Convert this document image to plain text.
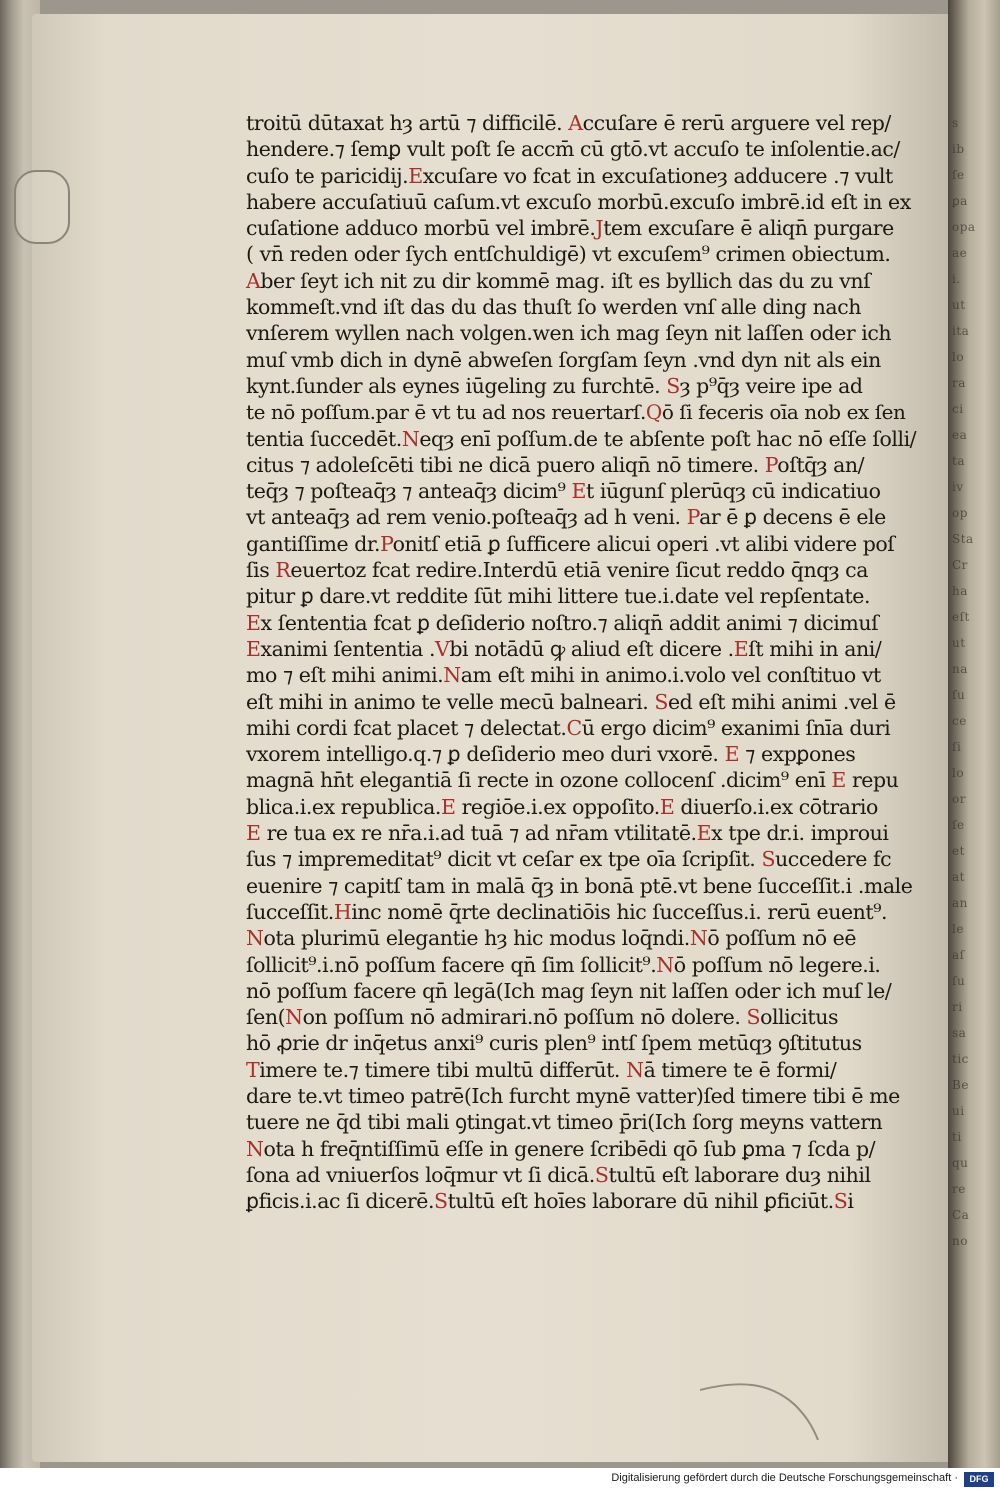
s
ib
ſe
ꝑa
opa
ae
i.
ut
ita
lo
ra
ci
ea
ta
iv
op
Sta
Cr
ha
eſt
ut
na
ſu
ce
ſi
lo
or
ſe
et
at
an
le
aſ
ſu
ri
sa
tic
Be
ui
ti
qu
re
Ca
no
troitū dūtaxat hȝ artū ⁊ difficilē. Accuſare ē rerū arguere vel rep/
hendere.⁊ ſemꝑ vult poſt ſe accm̄ cū gtō.vt accuſo te inſolentie.ac/
cuſo te paricidij.Excuſare vo fcat in excuſationeȝ adducere .⁊ vult
habere accuſatiuū caſum.vt excuſo morbū.excuſo imbrē.id eſt in ex
cuſatione adduco morbū vel imbrē.Jtem excuſare ē aliqn̄ purgare
( vn̄ reden oder ſych entſchuldigē) vt excuſem⁹ crimen obiectum.
Aber ſeyt ich nit zu dir kommē mag. iſt es byllich das du zu vnſ
kommeſt.vnd iſt das du das thuſt ſo werden vnſ alle ding nach
vnſerem wyllen nach volgen.wen ich mag ſeyn nit laſſen oder ich
muſ vmb dich in dynē abweſen ſorgſam ſeyn .vnd dyn nit als ein
kynt.ſunder als eynes iūgeling zu furchtē. Sȝ p⁹q̄ȝ veire ipe ad
te nō poſſum.par ē vt tu ad nos reuertarſ.Qō ſi feceris oīa nob ex ſen
tentia ſuccedēt.Neqȝ enī poſſum.de te abſente poſt hac nō eſſe ſolli/
citus ⁊ adoleſcēti tibi ne dicā puero aliqn̄ nō timere. Poſtq̄ȝ an/
teq̄ȝ ⁊ poſteaq̄ȝ ⁊ anteaq̄ȝ dicim⁹ Et iūgunſ plerūqȝ cū indicatiuo
vt anteaq̄ȝ ad rem venio.poſteaq̄ȝ ad h veni. Par ē ꝑ decens ē ele
gantiſſime dr.Ponitſ etiā ꝑ ſufficere alicui operi .vt alibi videre poſ
ſis Reuertoz fcat redire.Interdū etiā venire ſicut reddo q̄nqȝ ca
pitur ꝑ dare.vt reddite ſūt mihi littere tue.i.date vel repſentate.
Ex ſententia fcat ꝑ deſiderio noſtro.⁊ aliqn̄ addit animi ⁊ dicimuſ
Exanimi ſententia .Vbi notādū ꝙ aliud eſt dicere .Eſt mihi in ani/
mo ⁊ eſt mihi animi.Nam eſt mihi in animo.i.volo vel conſtituo vt
eſt mihi in animo te velle mecū balneari. Sed eſt mihi animi .vel ē
mihi cordi fcat placet ⁊ delectat.Cū ergo dicim⁹ exanimi ſnīa duri
vxorem intelligo.q.⁊ ꝑ deſiderio meo duri vxorē. E ⁊ expꝑones
magnā hn̄t elegantiā ſi recte in ozone collocenſ .dicim⁹ enī E repu
blica.i.ex republica.E regiōe.i.ex oppoſito.E diuerſo.i.ex cōtrario
E re tua ex re nr̄a.i.ad tuā ⁊ ad nr̄am vtilitatē.Ex tpe dr.i. improui
ſus ⁊ impremeditat⁹ dicit vt ceſar ex tpe oīa ſcripſit. Succedere fc
euenire ⁊ capitſ tam in malā q̄ȝ in bonā ptē.vt bene ſucceſſit.i .male
ſucceſſit.Hinc nomē q̄rte declinatiōis hic ſucceſſus.i. rerū euent⁹.
Nota plurimū elegantie hȝ hic modus loq̄ndi.Nō poſſum nō eē
ſollicit⁹.i.nō poſſum facere qn̄ ſim ſollicit⁹.Nō poſſum nō legere.i.
nō poſſum facere qn̄ legā(Ich mag ſeyn nit laſſen oder ich muſ le/
ſen(Non poſſum nō admirari.nō poſſum nō dolere. Sollicitus
hō ꝓrie dr inq̄etus anxi⁹ curis plen⁹ intſ ſpem metūqȝ ꝯſtitutus
Timere te.⁊ timere tibi multū differūt. Nā timere te ē formi/
dare te.vt timeo patrē(Ich furcht mynē vatter)ſed timere tibi ē me
tuere ne q̄d tibi mali ꝯtingat.vt timeo p̄ri(Ich ſorg meyns vattern
Nota h freq̄ntiſſimū eſſe in genere ſcribēdi qō ſub ꝑma ⁊ ſcda p/
ſona ad vniuerſos loq̄mur vt ſi dicā.Stultū eſt laborare duȝ nihil
ꝑficis.i.ac ſi dicerē.Stultū eſt hoīes laborare dū nihil ꝑficiūt.Si
Digitalisierung gefördert durch die Deutsche Forschungsgemeinschaft ·	DFG
